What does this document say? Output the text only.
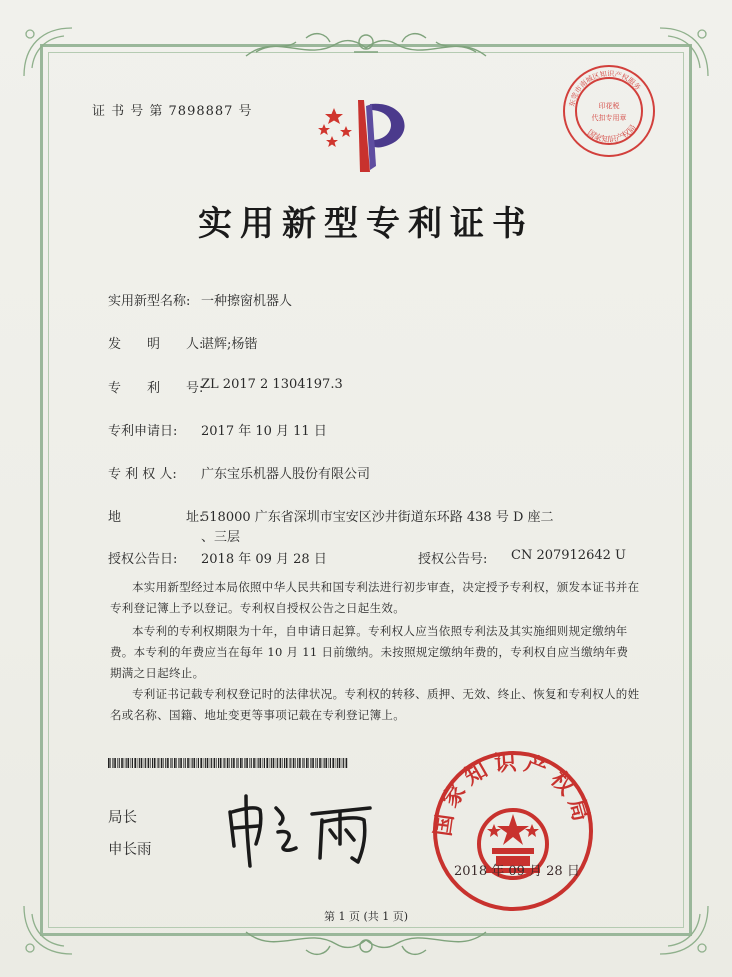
证 书 号 第 7898887 号	印花税
代扣专用章
东莞市南城区知识产权服务
国家知识产权局
实用新型专利证书
实用新型名称: 一种擦窗机器人
发　　明　　人:
谌辉;杨锴
专　　利　　号:
ZL 2017 2 1304197.3
专利申请日: 2017 年 10 月 11 日
专 利 权 人: 广东宝乐机器人股份有限公司
地　　　　　址:
518000 广东省深圳市宝安区沙井街道东环路 438 号 D 座二
、三层
授权公告日: 2018 年 09 月 28 日	授权公告号: CN 207912642 U
本实用新型经过本局依照中华人民共和国专利法进行初步审查，决定授予专利权，颁发本证书并在专利登记簿上予以登记。专利权自授权公告之日起生效。
本专利的专利权期限为十年，自申请日起算。专利权人应当依照专利法及其实施细则规定缴纳年费。本专利的年费应当在每年 10 月 11 日前缴纳。未按照规定缴纳年费的，专利权自应当缴纳年费期满之日起终止。
专利证书记载专利权登记时的法律状况。专利权的转移、质押、无效、终止、恢复和专利权人的姓名或名称、国籍、地址变更等事项记载在专利登记簿上。
局长
申长雨
国家知识产权局
2018 年 09 月 28 日
第 1 页 (共 1 页)
